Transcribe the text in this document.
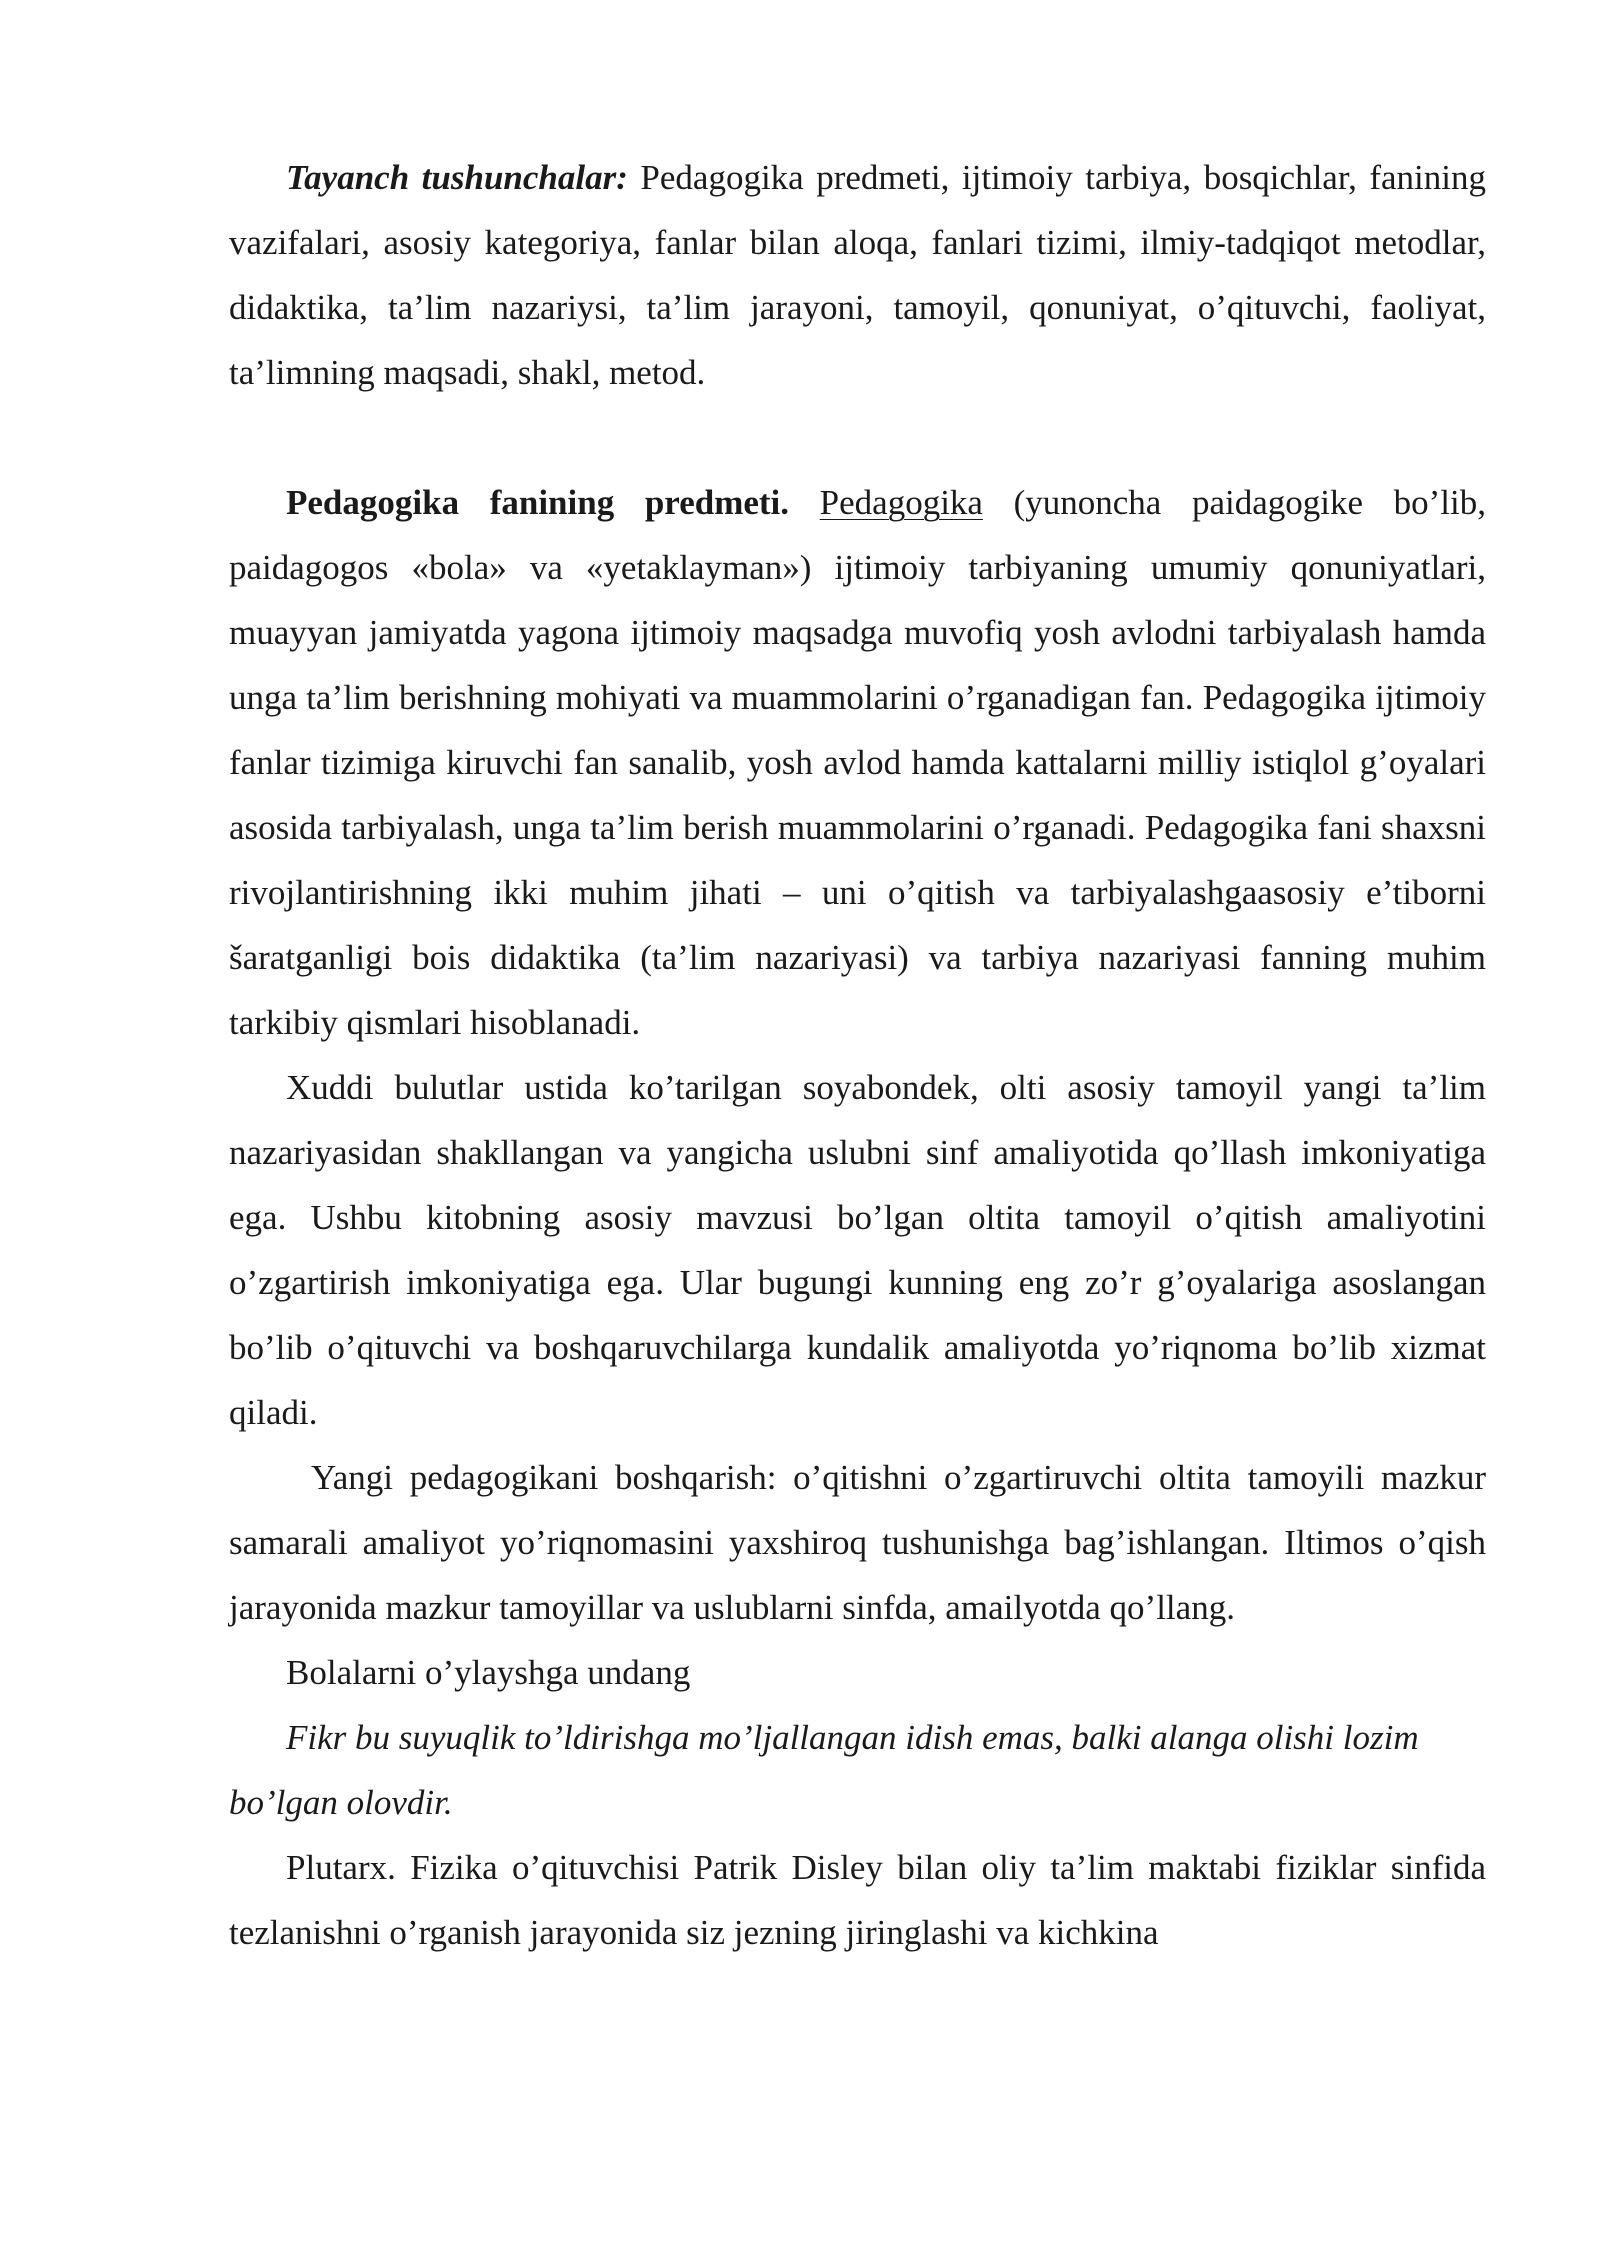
Tayanch tushunchalar: Pedagogika predmeti, ijtimoiy tarbiya, bosqichlar, fanining vazifalari, asosiy kategoriya, fanlar bilan aloqa, fanlari tizimi, ilmiy-tadqiqot metodlar, didaktika, ta’lim nazariysi, ta’lim jarayoni, tamoyil, qonuniyat, o’qituvchi, faoliyat, ta’limning maqsadi, shakl, metod.

Pedagogika fanining predmeti. Pedagogika (yunoncha paidagogike bo’lib, paidagogos «bola» va «yetaklayman») ijtimoiy tarbiyaning umumiy qonuniyatlari, muayyan jamiyatda yagona ijtimoiy maqsadga muvofiq yosh avlodni tarbiyalash hamda unga ta’lim berishning mohiyati va muammolarini o’rganadigan fan. Pedagogika ijtimoiy fanlar tizimiga kiruvchi fan sanalib, yosh avlod hamda kattalarni milliy istiqlol g’oyalari asosida tarbiyalash, unga ta’lim berish muammolarini o’rganadi. Pedagogika fani shaxsni rivojlantirishning ikki muhim jihati – uni o’qitish va tarbiyalashgaasosiy e’tiborni šaratganligi bois didaktika (ta’lim nazariyasi) va tarbiya nazariyasi fanning muhim tarkibiy qismlari hisoblanadi.

Xuddi bulutlar ustida ko’tarilgan soyabondek, olti asosiy tamoyil yangi ta’lim nazariyasidan shakllangan va yangicha uslubni sinf amaliyotida qo’llash imkoniyatiga ega. Ushbu kitobning asosiy mavzusi bo’lgan oltita tamoyil o’qitish amaliyotini o’zgartirish imkoniyatiga ega. Ular bugungi kunning eng zo’r g’oyalariga asoslangan bo’lib o’qituvchi va boshqaruvchilarga kundalik amaliyotda yo’riqnoma bo’lib xizmat qiladi.

Yangi pedagogikani boshqarish: o’qitishni o’zgartiruvchi oltita tamoyili mazkur samarali amaliyot yo’riqnomasini yaxshiroq tushunishga bag’ishlangan. Iltimos o’qish jarayonida mazkur tamoyillar va uslublarni sinfda, amailyotda qo’llang.

Bolalarni o’ylayshga undang

Fikr bu suyuqlik to’ldirishga mo’ljallangan idish emas, balki alanga olishi lozim bo’lgan olovdir.

Plutarx. Fizika o’qituvchisi Patrik Disley bilan oliy ta’lim maktabi fiziklar sinfida tezlanishni o’rganish jarayonida siz jezning jiringlashi va kichkina
